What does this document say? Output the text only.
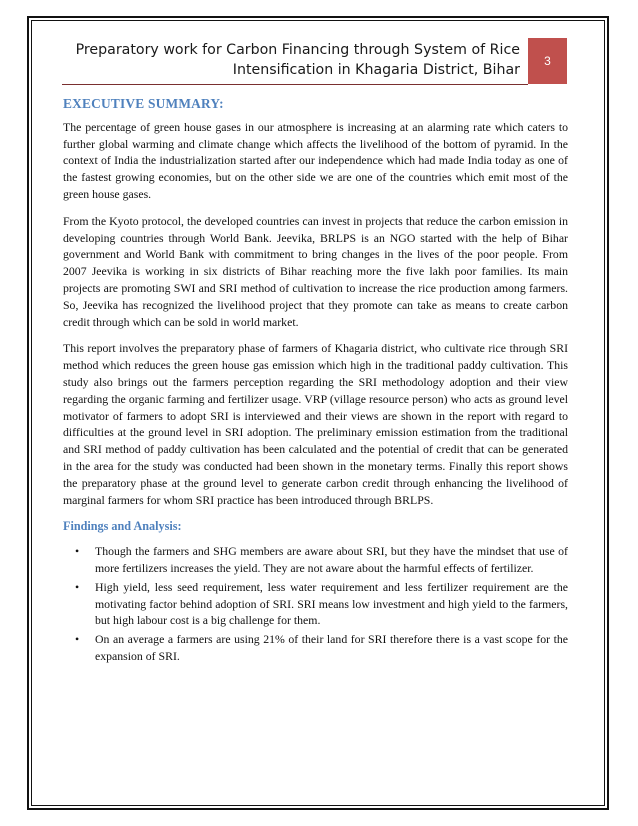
Preparatory work for Carbon Financing through System of Rice
Intensification in Khagaria District, Bihar
3
EXECUTIVE SUMMARY:

The percentage of green house gases in our atmosphere is increasing at an alarming rate which caters to further global warming and climate change which affects the livelihood of the bottom of pyramid. In the context of India the industrialization started after our independence which had made India today as one of the fastest growing economies, but on the other side we are one of the countries which emit most of the green house gases.

From the Kyoto protocol, the developed countries can invest in projects that reduce the carbon emission in developing countries through World Bank. Jeevika, BRLPS is an NGO started with the help of Bihar government and World Bank with commitment to bring changes in the lives of the poor people. From 2007 Jeevika is working in six districts of Bihar reaching more the five lakh poor families. Its main projects are promoting SWI and SRI method of cultivation to increase the rice production among farmers. So, Jeevika has recognized the livelihood project that they promote can take as means to create carbon credit through which can be sold in world market.

This report involves the preparatory phase of farmers of Khagaria district, who cultivate rice through SRI method which reduces the green house gas emission which high in the traditional paddy cultivation. This study also brings out the farmers perception regarding the SRI methodology adoption and their view regarding the organic farming and fertilizer usage. VRP (village resource person) who acts as ground level motivator of farmers to adopt SRI is interviewed and their views are shown in the report with regard to difficulties at the ground level in SRI adoption. The preliminary emission estimation from the traditional and SRI method of paddy cultivation has been calculated and the potential of credit that can be generated in the area for the study was conducted had been shown in the monetary terms. Finally this report shows the preparatory phase at the ground level to generate carbon credit through enhancing the livelihood of marginal farmers for whom SRI practice has been introduced through BRLPS.

Findings and Analysis:
• Though the farmers and SHG members are aware about SRI, but they have the mindset that use of more fertilizers increases the yield. They are not aware about the harmful effects of fertilizer.
• High yield, less seed requirement, less water requirement and less fertilizer requirement are the motivating factor behind adoption of SRI. SRI means low investment and high yield to the farmers, but high labour cost is a big challenge for them.
• On an average a farmers are using 21% of their land for SRI therefore there is a vast scope for the expansion of SRI.
